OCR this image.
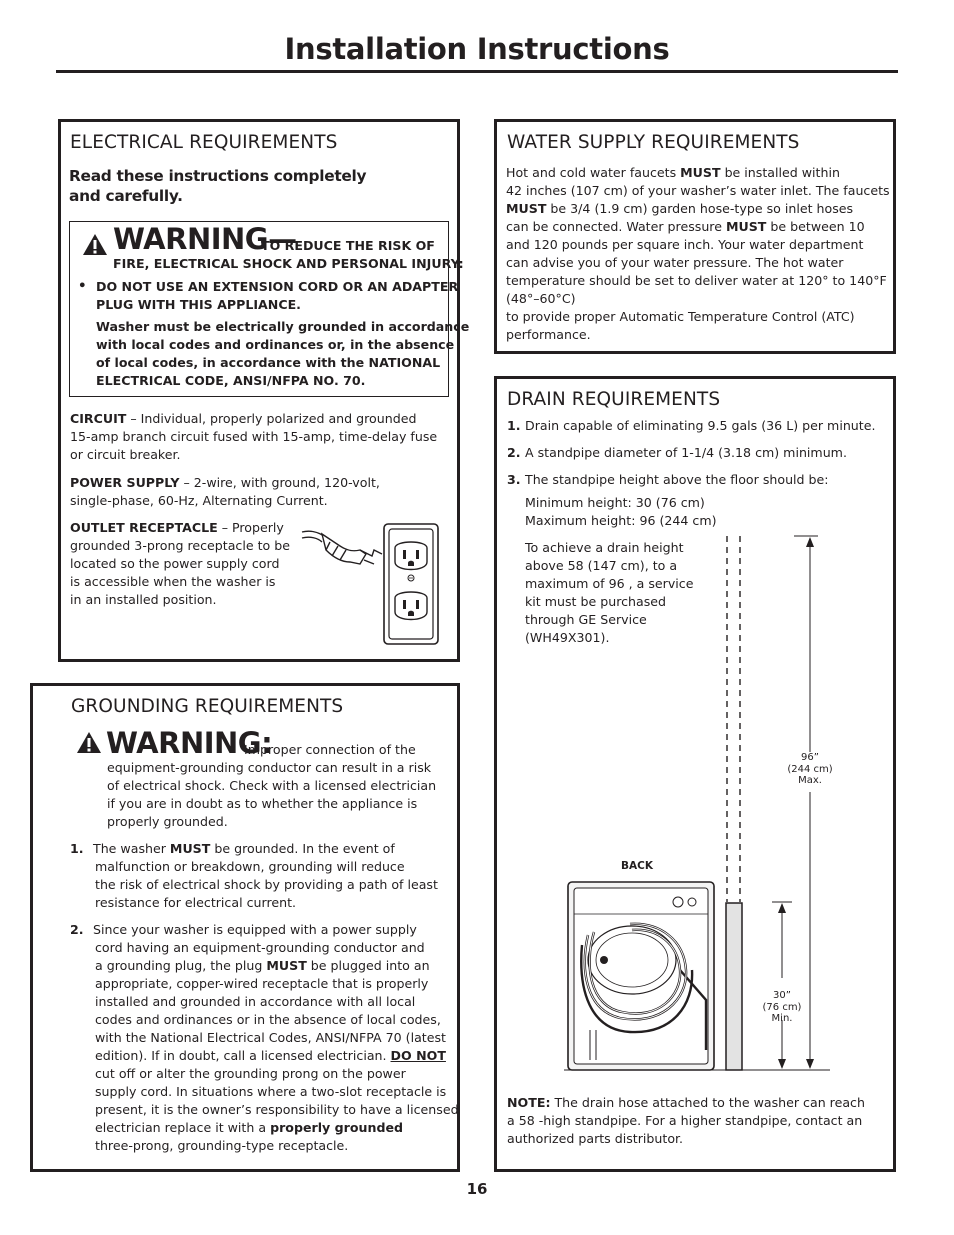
Installation Instructions
ELECTRICAL REQUIREMENTS
Read these instructions completely
and carefully.
WARNING—
TO REDUCE THE RISK OF
FIRE, ELECTRICAL SHOCK AND PERSONAL INJURY:
• DO NOT USE AN EXTENSION CORD OR AN ADAPTER
PLUG WITH THIS APPLIANCE.
Washer must be electrically grounded in accordance
with local codes and ordinances or, in the absence
of local codes, in accordance with the NATIONAL
ELECTRICAL CODE, ANSI/NFPA NO. 70.
CIRCUIT – Individual, properly polarized and grounded
15-amp branch circuit fused with 15-amp, time-delay fuse
or circuit breaker.
POWER SUPPLY – 2-wire, with ground, 120-volt,
single-phase, 60-Hz, Alternating Current.
OUTLET RECEPTACLE – Properly
grounded 3-prong receptacle to be
located so the power supply cord
is accessible when the washer is
in an installed position.
GROUNDING REQUIREMENTS
WARNING:
Improper connection of the
equipment-grounding conductor can result in a risk
of electrical shock. Check with a licensed electrician
if you are in doubt as to whether the appliance is
properly grounded.
1. The washer MUST be grounded. In the event of
malfunction or breakdown, grounding will reduce
the risk of electrical shock by providing a path of least
resistance for electrical current.
2. Since your washer is equipped with a power supply
cord having an equipment-grounding conductor and
a grounding plug, the plug MUST be plugged into an
appropriate, copper-wired receptacle that is properly
installed and grounded in accordance with all local
codes and ordinances or in the absence of local codes,
with the National Electrical Codes, ANSI/NFPA 70 (latest
edition). If in doubt, call a licensed electrician. DO NOT
cut off or alter the grounding prong on the power
supply cord. In situations where a two-slot receptacle is
present, it is the owner’s responsibility to have a licensed
electrician replace it with a properly grounded
three-prong, grounding-type receptacle.
WATER SUPPLY REQUIREMENTS
Hot and cold water faucets MUST be installed within
42 inches (107 cm) of your washer’s water inlet. The faucets
MUST be 3/4 (1.9 cm) garden hose-type so inlet hoses
can be connected. Water pressure MUST be between 10
and 120 pounds per square inch. Your water department
can advise you of your water pressure. The hot water
temperature should be set to deliver water at 120° to 140°F
(48°–60°C)
to provide proper Automatic Temperature Control (ATC)
performance.
DRAIN REQUIREMENTS
1. Drain capable of eliminating 9.5 gals (36 L) per minute.
2. A standpipe diameter of 1-1/4 (3.18 cm) minimum.
3. The standpipe height above the floor should be:
Minimum height: 30 (76 cm)
Maximum height: 96 (244 cm)
To achieve a drain height
above 58 (147 cm), to a
maximum of 96 , a service
kit must be purchased
through GE Service
(WH49X301).
96”
(244 cm)
Max.
30”
(76 cm)
Min.
BACK
NOTE: The drain hose attached to the washer can reach
a 58 -high standpipe. For a higher standpipe, contact an
authorized parts distributor.
16
